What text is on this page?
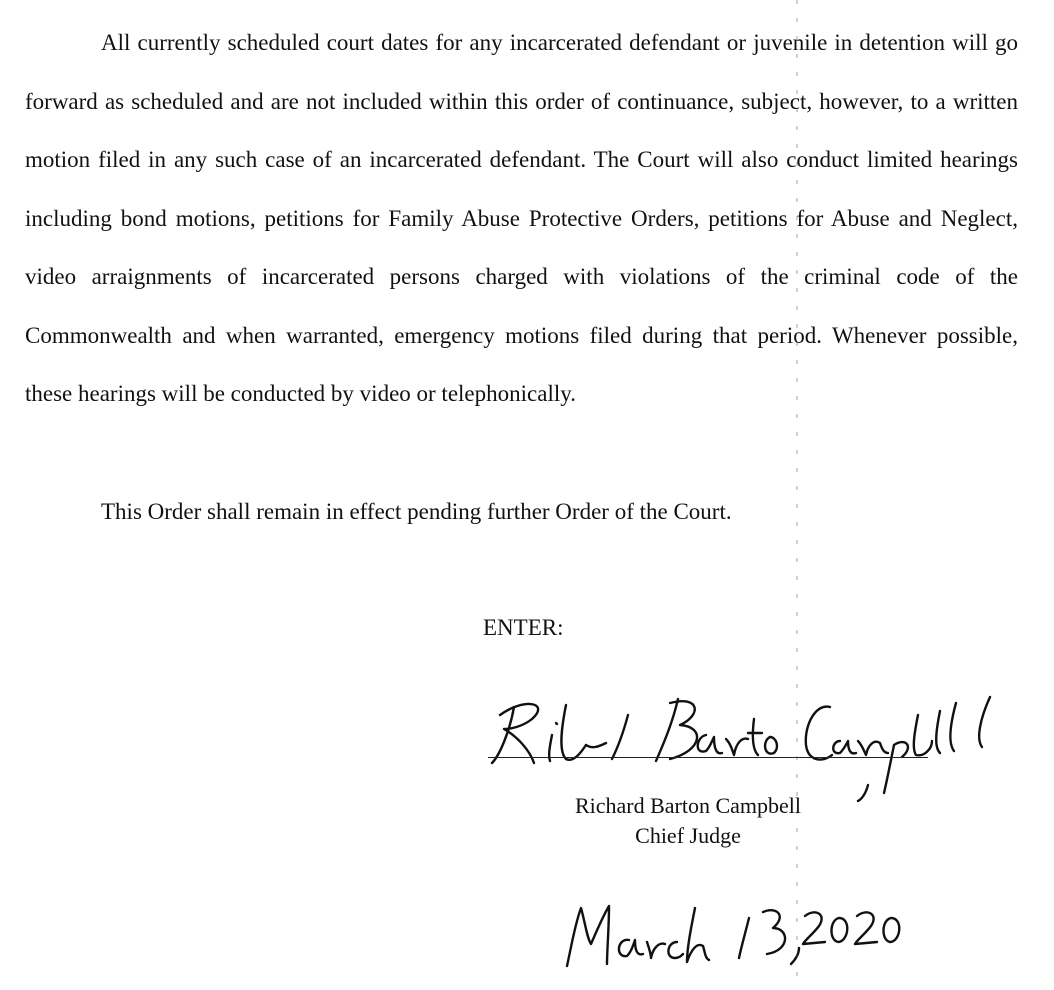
All currently scheduled court dates for any incarcerated defendant or juvenile in detention will go forward as scheduled and are not included within this order of continuance, subject, however, to a written motion filed in any such case of an incarcerated defendant. The Court will also conduct limited hearings including bond motions, petitions for Family Abuse Protective Orders, petitions for Abuse and Neglect, video arraignments of incarcerated persons charged with violations of the criminal code of the Commonwealth and when warranted, emergency motions filed during that period. Whenever possible, these hearings will be conducted by video or telephonically.

This Order shall remain in effect pending further Order of the Court.

ENTER:
Richard Barton Campbell
Chief Judge
